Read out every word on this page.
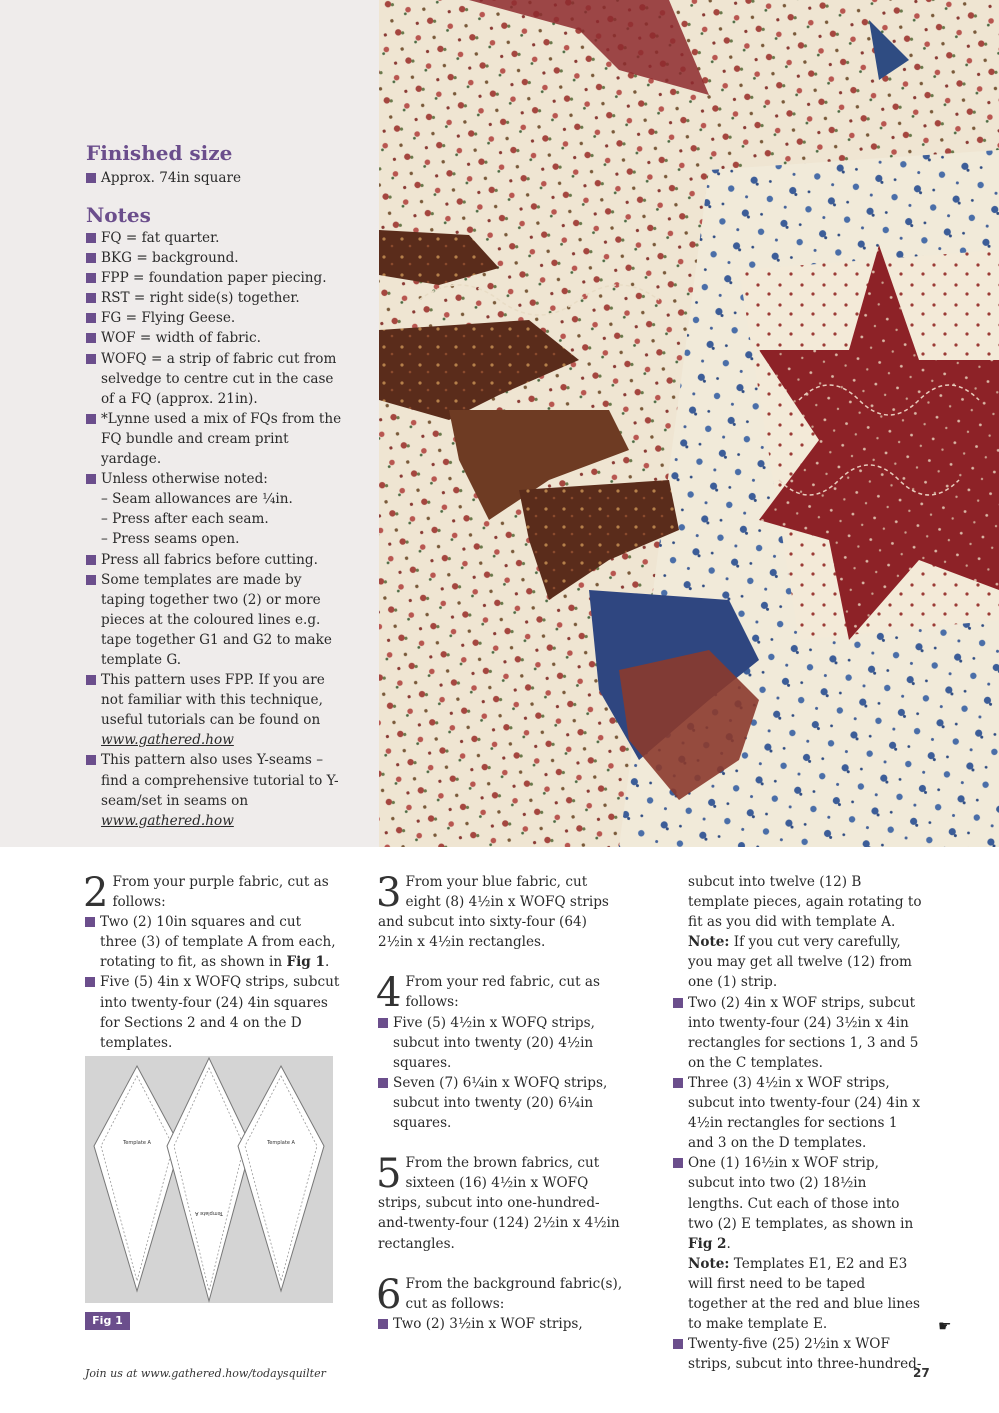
Finished size
Approx. 74in square
Notes
FQ = fat quarter.
BKG = background.
FPP = foundation paper piecing.
RST = right side(s) together.
FG = Flying Geese.
WOF = width of fabric.
WOFQ = a strip of fabric cut from selvedge to centre cut in the case of a FQ (approx. 21in).
*Lynne used a mix of FQs from the FQ bundle and cream print yardage.
Unless otherwise noted:
– Seam allowances are ¼in.
– Press after each seam.
– Press seams open.
Press all fabrics before cutting.
Some templates are made by taping together two (2) or more pieces at the coloured lines e.g. tape together G1 and G2 to make template G.
This pattern uses FPP. If you are not familiar with this technique, useful tutorials can be found on
www.gathered.how
This pattern also uses Y-seams – find a comprehensive tutorial to Y-seam/set in seams on
www.gathered.how
2 From your purple fabric, cut as follows:
Two (2) 10in squares and cut three (3) of template A from each, rotating to fit, as shown in Fig 1.
Five (5) 4in x WOFQ strips, subcut into twenty-four (24) 4in squares for Sections 2 and 4 on the D templates.
Template A	Template A
Template A
Fig 1
3 From your blue fabric, cut eight (8) 4½in x WOFQ strips and subcut into sixty-four (64) 2½in x 4½in rectangles.
4 From your red fabric, cut as follows:
Five (5) 4½in x WOFQ strips, subcut into twenty (20) 4½in squares.
Seven (7) 6¼in x WOFQ strips, subcut into twenty (20) 6¼in squares.
5 From the brown fabrics, cut sixteen (16) 4½in x WOFQ strips, subcut into one-hundred-and-twenty-four (124) 2½in x 4½in rectangles.
6 From the background fabric(s), cut as follows:
Two (2) 3½in x WOF strips,

subcut into twelve (12) B template pieces, again rotating to fit as you did with template A. Note: If you cut very carefully, you may get all twelve (12) from one (1) strip.

Two (2) 4in x WOF strips, subcut into twenty-four (24) 3½in x 4in rectangles for sections 1, 3 and 5 on the C templates.
Three (3) 4½in x WOF strips, subcut into twenty-four (24) 4in x 4½in rectangles for sections 1 and 3 on the D templates.
One (1) 16½in x WOF strip, subcut into two (2) 18½in lengths. Cut each of those into two (2) E templates, as shown in Fig 2.
Note: Templates E1, E2 and E3 will first need to be taped together at the red and blue lines to make template E.
Twenty-five (25) 2½in x WOF strips, subcut into three-hundred-
☛
Join us at www.gathered.how/todaysquilter	27
